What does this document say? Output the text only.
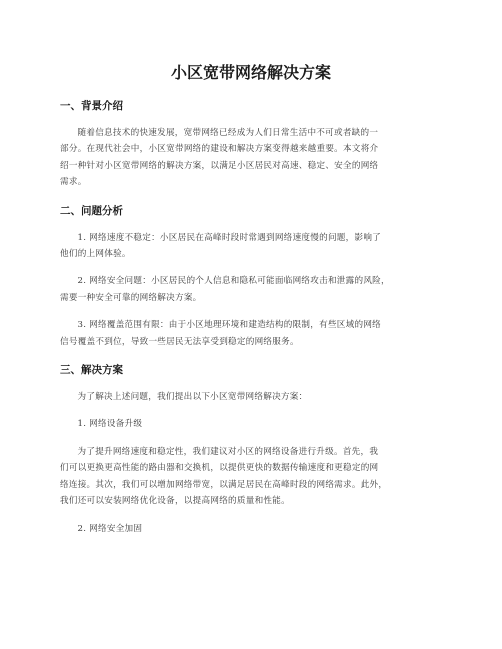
小区宽带网络解决方案
一、背景介绍

随着信息技术的快速发展，宽带网络已经成为人们日常生活中不可或者缺的一
部分。在现代社会中，小区宽带网络的建设和解决方案变得越来越重要。本文将介
绍一种针对小区宽带网络的解决方案，以满足小区居民对高速、稳定、安全的网络
需求。

二、问题分析

1. 网络速度不稳定：小区居民在高峰时段时常遇到网络速度慢的问题，影响了
他们的上网体验。

2. 网络安全问题：小区居民的个人信息和隐私可能面临网络攻击和泄露的风险，
需要一种安全可靠的网络解决方案。

3. 网络覆盖范围有限：由于小区地理环境和建造结构的限制，有些区域的网络
信号覆盖不到位，导致一些居民无法享受到稳定的网络服务。

三、解决方案

为了解决上述问题，我们提出以下小区宽带网络解决方案：

1. 网络设备升级

为了提升网络速度和稳定性，我们建议对小区的网络设备进行升级。首先，我
们可以更换更高性能的路由器和交换机，以提供更快的数据传输速度和更稳定的网
络连接。其次，我们可以增加网络带宽，以满足居民在高峰时段的网络需求。此外，
我们还可以安装网络优化设备，以提高网络的质量和性能。

2. 网络安全加固
